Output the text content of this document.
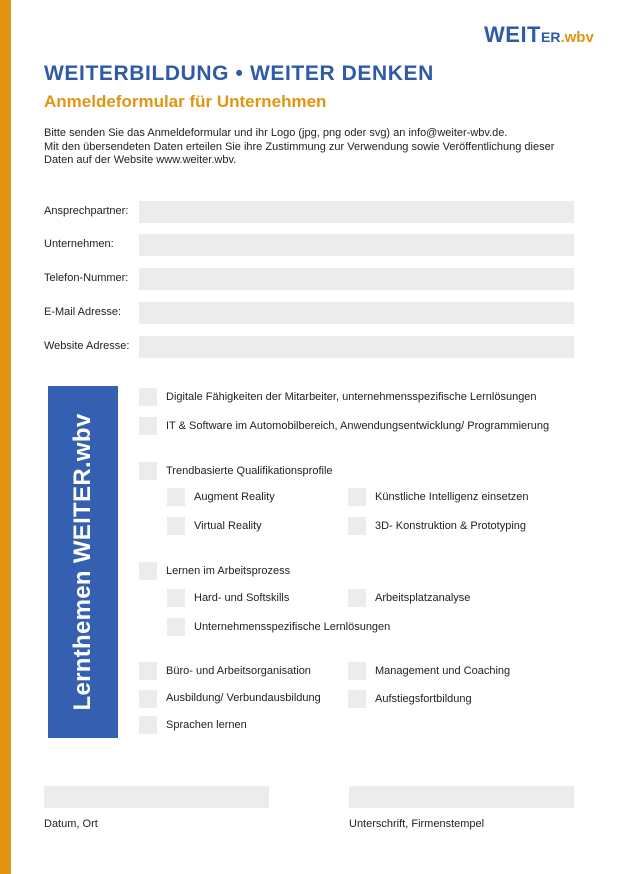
WEITER.wbv
WEITERBILDUNG • WEITER DENKEN
Anmeldeformular für Unternehmen
Bitte senden Sie das Anmeldeformular und ihr Logo (jpg, png oder svg) an info@weiter-wbv.de.
Mit den übersendeten Daten erteilen Sie ihre Zustimmung zur Verwendung sowie Veröffentlichung dieser
Daten auf der Website www.weiter.wbv.
Ansprechpartner:
Unternehmen:
Telefon-Nummer:
E-Mail Adresse:
Website Adresse:
Lernthemen WEITER.wbv
Digitale Fähigkeiten der Mitarbeiter, unternehmensspezifische Lernlösungen
IT & Software im Automobilbereich, Anwendungsentwicklung/ Programmierung
Trendbasierte Qualifikationsprofile
Augment Reality	Künstliche Intelligenz einsetzen
Virtual Reality	3D- Konstruktion & Prototyping
Lernen im Arbeitsprozess
Hard- und Softskills	Arbeitsplatzanalyse
Unternehmensspezifische Lernlösungen
Büro- und Arbeitsorganisation	Management und Coaching
Ausbildung/ Verbundausbildung	Aufstiegsfortbildung
Sprachen lernen
Datum, Ort	Unterschrift, Firmenstempel
